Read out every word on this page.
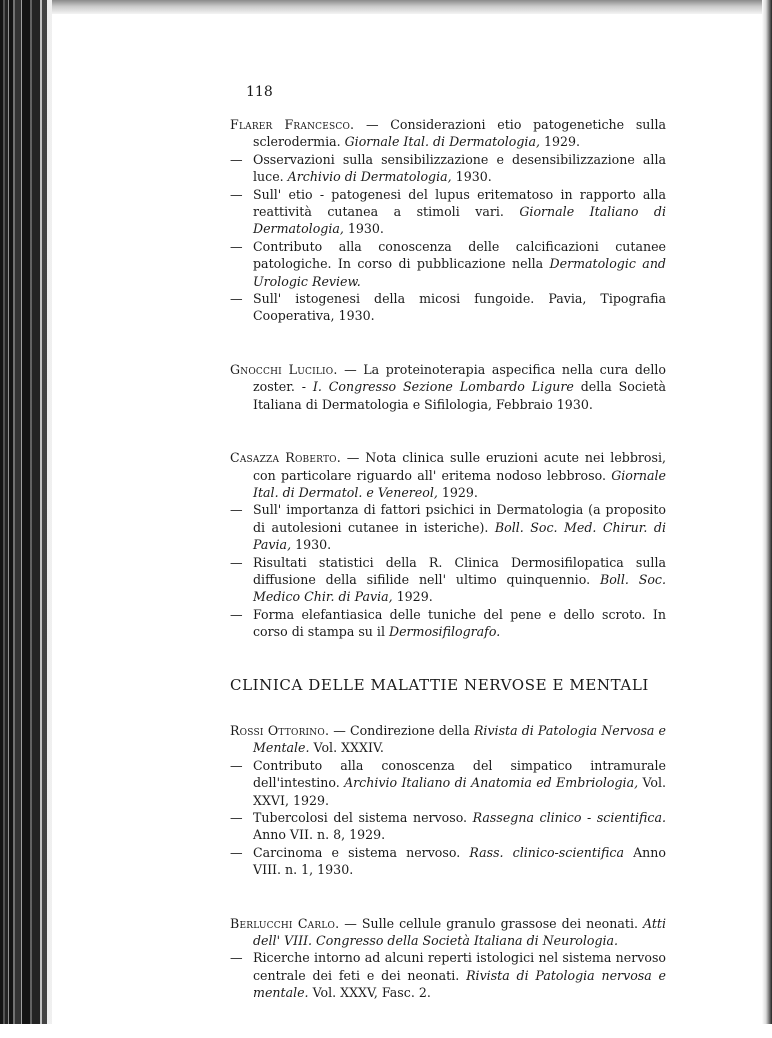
118

Flarer Francesco. — Considerazioni etio patogenetiche sulla sclerodermia. Giornale Ital. di Dermatologia, 1929.

— Osservazioni sulla sensibilizzazione e desensibilizzazione alla luce. Archivio di Dermatologia, 1930.

— Sull' etio - patogenesi del lupus eritematoso in rapporto alla reattività cutanea a stimoli vari. Giornale Italiano di Dermatologia, 1930.

— Contributo alla conoscenza delle calcificazioni cutanee patologiche. In corso di pubblicazione nella Dermatologic and Urologic Review.

— Sull' istogenesi della micosi fungoide. Pavia, Tipografia Cooperativa, 1930.

Gnocchi Lucilio. — La proteinoterapia aspecifica nella cura dello zoster. - I. Congresso Sezione Lombardo Ligure della Società Italiana di Dermatologia e Sifilologia, Febbraio 1930.

Casazza Roberto. — Nota clinica sulle eruzioni acute nei lebbrosi, con particolare riguardo all' eritema nodoso lebbroso. Giornale Ital. di Dermatol. e Venereol, 1929.

— Sull' importanza di fattori psichici in Dermatologia (a proposito di autolesioni cutanee in isteriche). Boll. Soc. Med. Chirur. di Pavia, 1930.

— Risultati statistici della R. Clinica Dermosifilopatica sulla diffusione della sifilide nell' ultimo quinquennio. Boll. Soc. Medico Chir. di Pavia, 1929.

— Forma elefantiasica delle tuniche del pene e dello scroto. In corso di stampa su il Dermosifilografo.

CLINICA DELLE MALATTIE NERVOSE E MENTALI

Rossi Ottorino. — Condirezione della Rivista di Patologia Nervosa e Mentale. Vol. XXXIV.

— Contributo alla conoscenza del simpatico intramurale dell'intestino. Archivio Italiano di Anatomia ed Embriologia, Vol. XXVI, 1929.

— Tubercolosi del sistema nervoso. Rassegna clinico - scientifica. Anno VII. n. 8, 1929.

— Carcinoma e sistema nervoso. Rass. clinico-scientifica Anno VIII. n. 1, 1930.

Berlucchi Carlo. — Sulle cellule granulo grassose dei neonati. Atti dell' VIII. Congresso della Società Italiana di Neurologia.

— Ricerche intorno ad alcuni reperti istologici nel sistema nervoso centrale dei feti e dei neonati. Rivista di Patologia nervosa e mentale. Vol. XXXV, Fasc. 2.
